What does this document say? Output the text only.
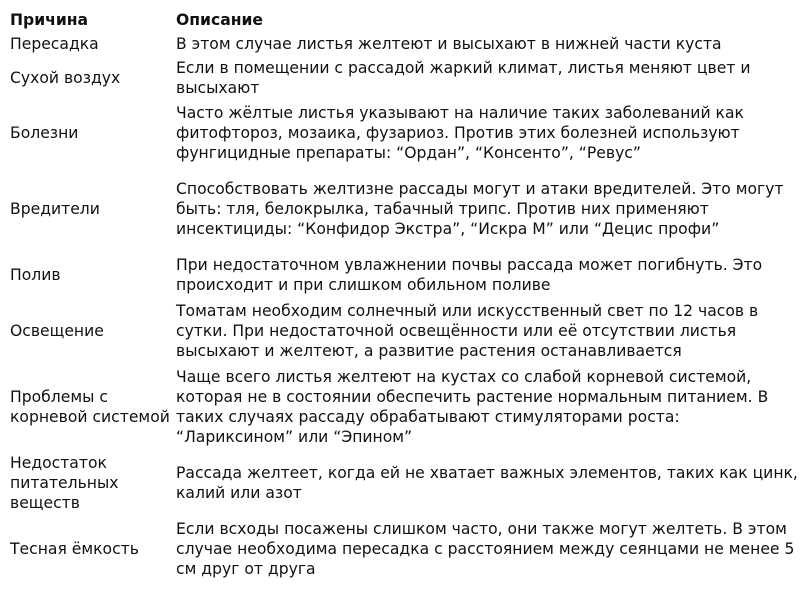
Причина	Описание
Пересадка	В этом случае листья желтеют и высыхают в нижней части куста
Сухой воздух	Если в помещении с рассадой жаркий климат, листья меняют цвет и высыхают
Болезни	Часто жёлтые листья указывают на наличие таких заболеваний как фитофтороз, мозаика, фузариоз. Против этих болезней используют фунгицидные препараты: “Ордан”, “Консенто”, “Ревус”
Вредители	Способствовать желтизне рассады могут и атаки вредителей. Это могут быть: тля, белокрылка, табачный трипс. Против них применяют инсектициды: “Конфидор Экстра”, “Искра М” или “Децис профи”
Полив	При недостаточном увлажнении почвы рассада может погибнуть. Это происходит и при слишком обильном поливе
Освещение	Томатам необходим солнечный или искусственный свет по 12 часов в сутки. При недостаточной освещённости или её отсутствии листья высыхают и желтеют, а развитие растения останавливается
Проблемы с корневой системой	Чаще всего листья желтеют на кустах со слабой корневой системой, которая не в состоянии обеспечить растение нормальным питанием. В таких случаях рассаду обрабатывают стимуляторами роста: “Лариксином” или “Эпином”
Недостаток питательных веществ	Рассада желтеет, когда ей не хватает важных элементов, таких как цинк, калий или азот
Тесная ёмкость	Если всходы посажены слишком часто, они также могут желтеть. В этом случае необходима пересадка с расстоянием между сеянцами не менее 5 см друг от друга
